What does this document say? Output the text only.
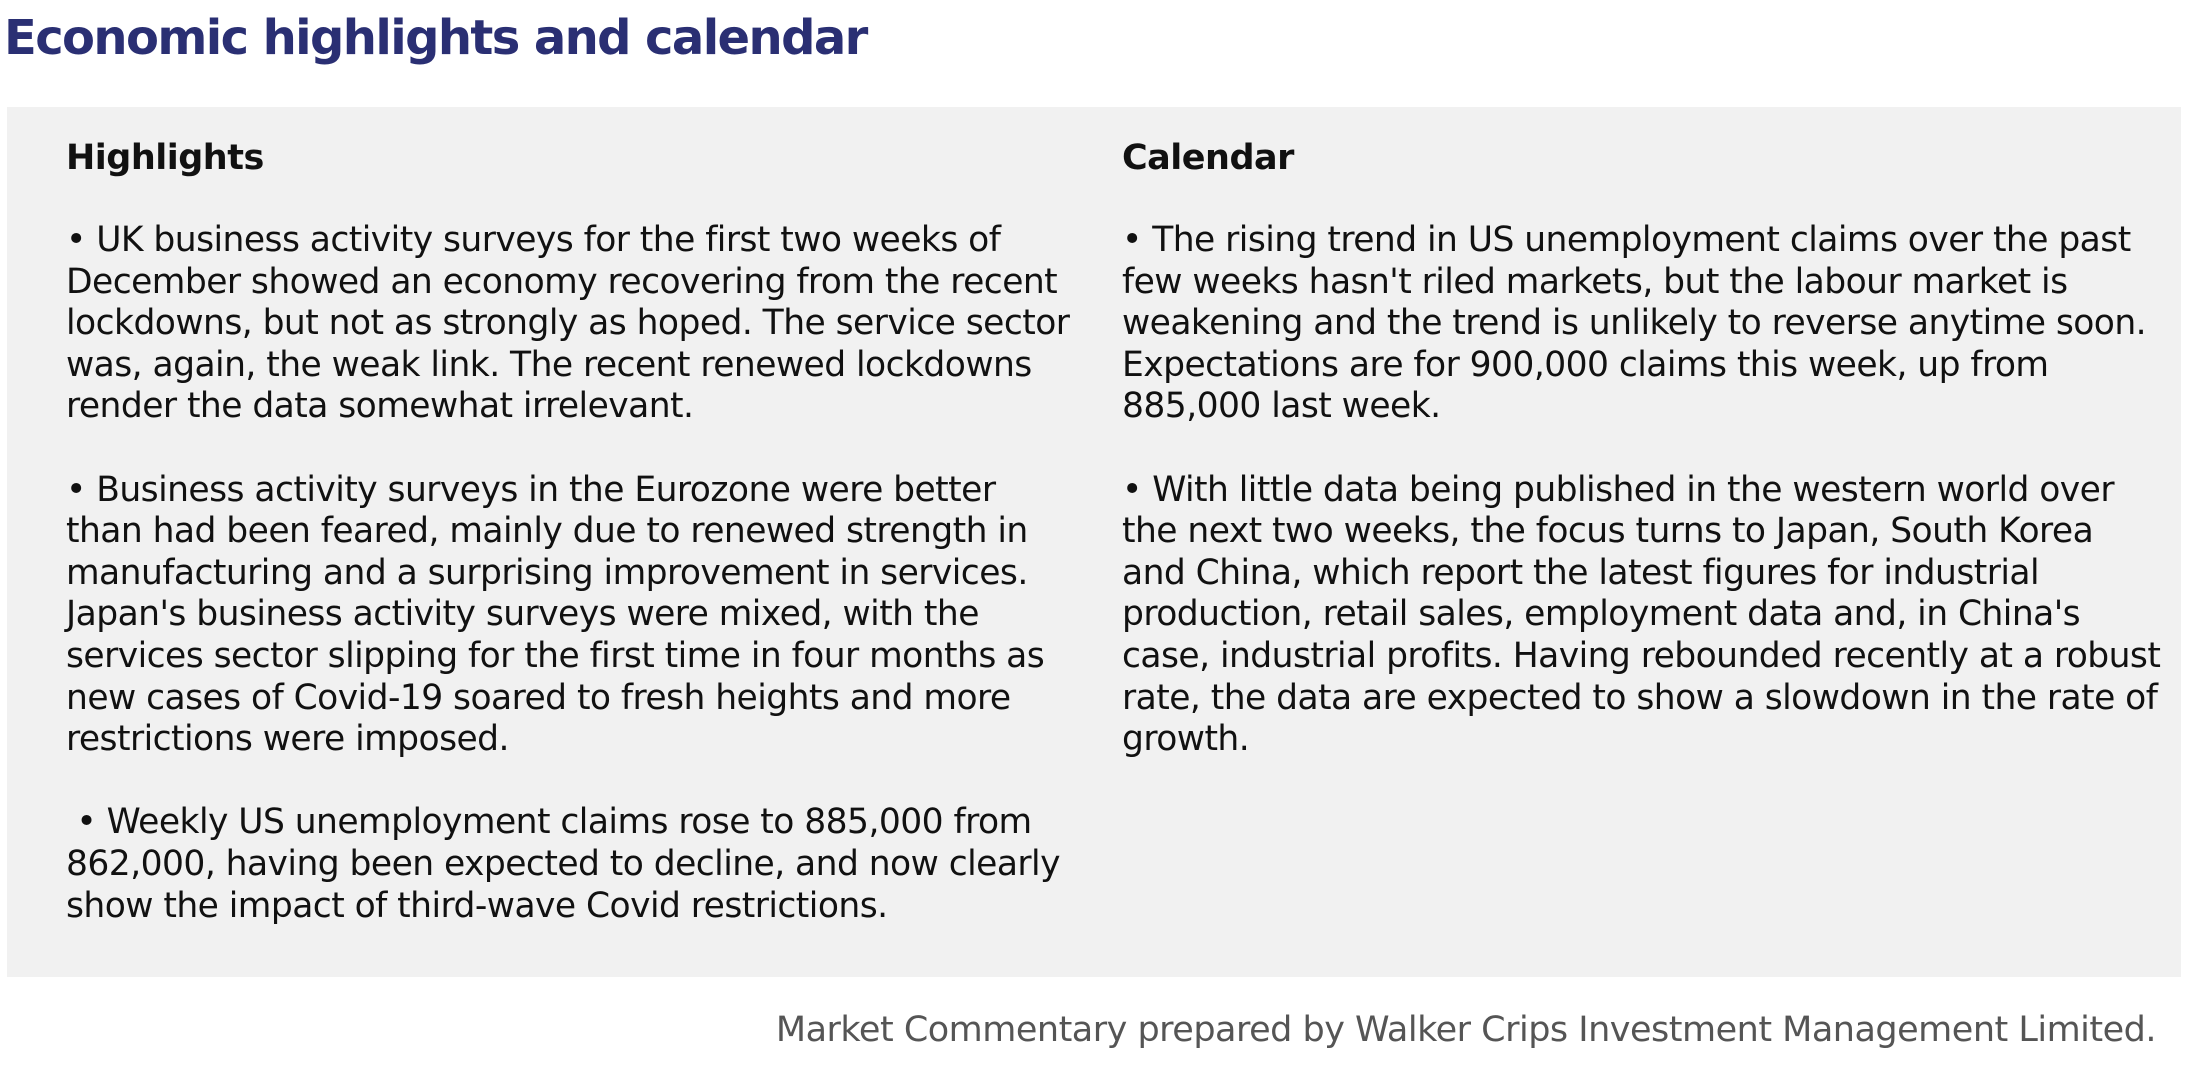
Economic highlights and calendar
Highlights

• UK business activity surveys for the first two weeks of December showed an economy recovering from the recent lockdowns, but not as strongly as hoped. The service sector was, again, the weak link. The recent renewed lockdowns render the data somewhat irrelevant.

• Business activity surveys in the Eurozone were better than had been feared, mainly due to renewed strength in manufacturing and a surprising improvement in services. Japan's business activity surveys were mixed, with the services sector slipping for the first time in four months as new cases of Covid-19 soared to fresh heights and more restrictions were imposed.

• Weekly US unemployment claims rose to 885,000 from 862,000, having been expected to decline, and now clearly show the impact of third-wave Covid restrictions.

Calendar

• The rising trend in US unemployment claims over the past few weeks hasn't riled markets, but the labour market is weakening and the trend is unlikely to reverse anytime soon. Expectations are for 900,000 claims this week, up from 885,000 last week.

• With little data being published in the western world over the next two weeks, the focus turns to Japan, South Korea and China, which report the latest figures for industrial production, retail sales, employment data and, in China's case, industrial profits. Having rebounded recently at a robust rate, the data are expected to show a slowdown in the rate of growth.

Market Commentary prepared by Walker Crips Investment Management Limited.
